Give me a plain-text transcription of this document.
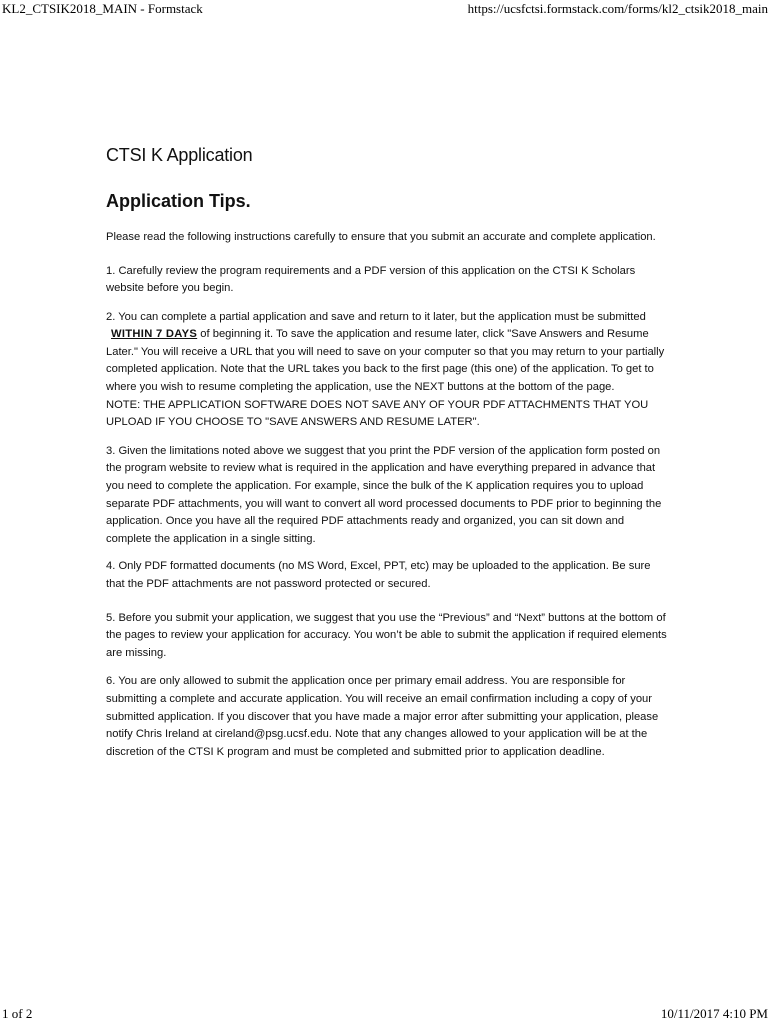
KL2_CTSIK2018_MAIN - Formstack	https://ucsfctsi.formstack.com/forms/kl2_ctsik2018_main
CTSI K Application
Application Tips.

Please read the following instructions carefully to ensure that you submit an accurate and complete application.

1. Carefully review the program requirements and a PDF version of this application on the CTSI K Scholars website before you begin.

2. You can complete a partial application and save and return to it later, but the application must be submitted WITHIN 7 DAYS of beginning it. To save the application and resume later, click "Save Answers and Resume Later." You will receive a URL that you will need to save on your computer so that you may return to your partially completed application. Note that the URL takes you back to the first page (this one) of the application. To get to where you wish to resume completing the application, use the NEXT buttons at the bottom of the page.

NOTE: THE APPLICATION SOFTWARE DOES NOT SAVE ANY OF YOUR PDF ATTACHMENTS THAT YOU UPLOAD IF YOU CHOOSE TO "SAVE ANSWERS AND RESUME LATER".

3. Given the limitations noted above we suggest that you print the PDF version of the application form posted on the program website to review what is required in the application and have everything prepared in advance that you need to complete the application. For example, since the bulk of the K application requires you to upload separate PDF attachments, you will want to convert all word processed documents to PDF prior to beginning the application. Once you have all the required PDF attachments ready and organized, you can sit down and complete the application in a single sitting.

4. Only PDF formatted documents (no MS Word, Excel, PPT, etc) may be uploaded to the application. Be sure that the PDF attachments are not password protected or secured.

5. Before you submit your application, we suggest that you use the “Previous” and “Next” buttons at the bottom of the pages to review your application for accuracy. You won’t be able to submit the application if required elements are missing.

6. You are only allowed to submit the application once per primary email address. You are responsible for submitting a complete and accurate application. You will receive an email confirmation including a copy of your submitted application. If you discover that you have made a major error after submitting your application, please notify Chris Ireland at cireland@psg.ucsf.edu. Note that any changes allowed to your application will be at the discretion of the CTSI K program and must be completed and submitted prior to application deadline.

1 of 2	10/11/2017 4:10 PM
